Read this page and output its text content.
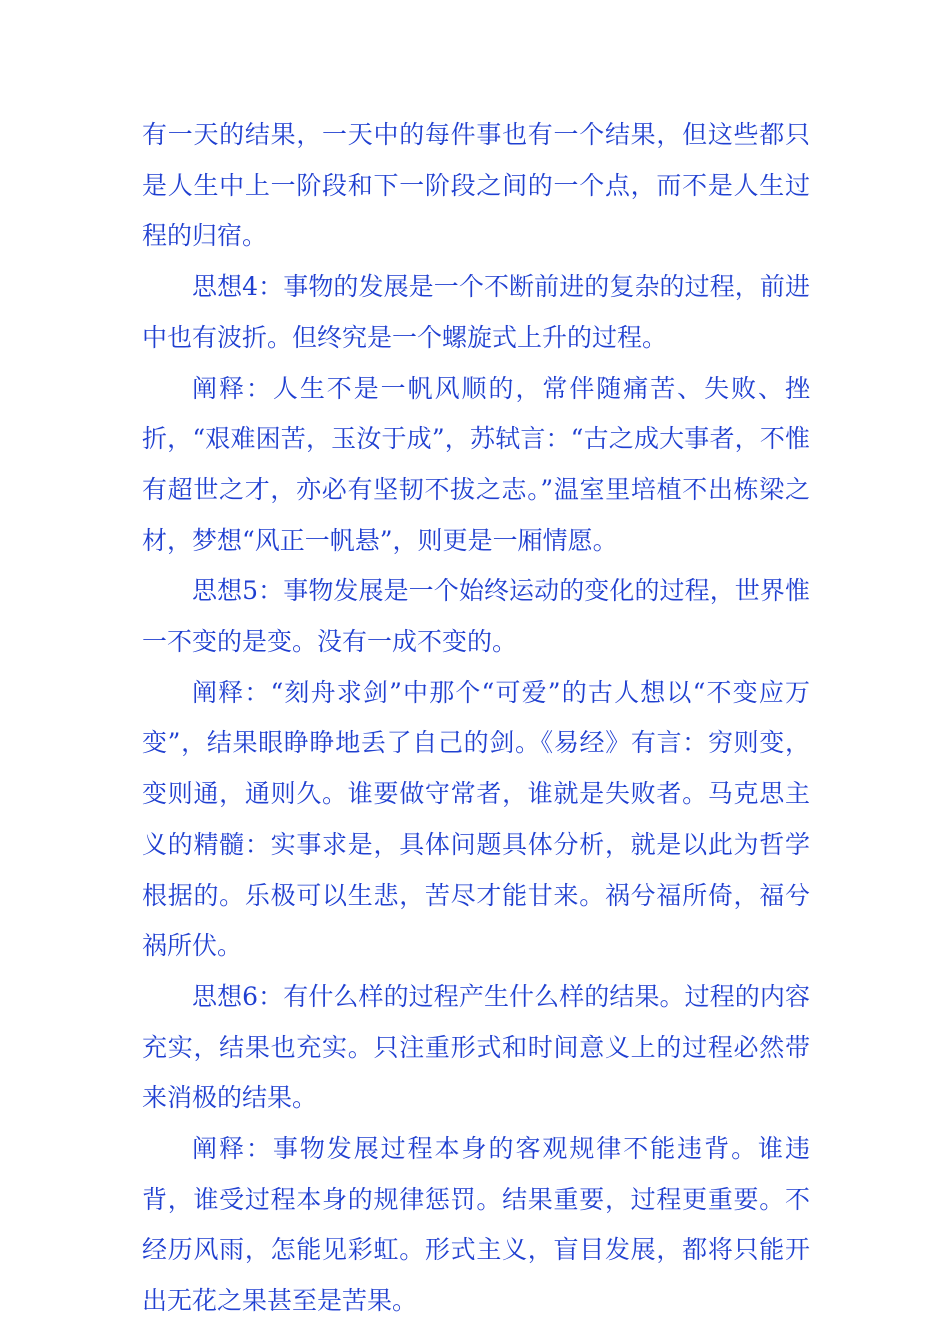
有一天的结果，一天中的每件事也有一个结果，但这些都只是人生中上一阶段和下一阶段之间的一个点，而不是人生过程的归宿。

思想4：事物的发展是一个不断前进的复杂的过程，前进中也有波折。但终究是一个螺旋式上升的过程。

阐释：人生不是一帆风顺的，常伴随痛苦、失败、挫折，“艰难困苦，玉汝于成”，苏轼言：“古之成大事者，不惟有超世之才，亦必有坚韧不拔之志。”温室里培植不出栋梁之材，梦想“风正一帆悬”，则更是一厢情愿。

思想5：事物发展是一个始终运动的变化的过程，世界惟一不变的是变。没有一成不变的。

阐释：“刻舟求剑”中那个“可爱”的古人想以“不变应万变”，结果眼睁睁地丢了自己的剑。《易经》有言：穷则变，变则通，通则久。谁要做守常者，谁就是失败者。马克思主义的精髓：实事求是，具体问题具体分析，就是以此为哲学根据的。乐极可以生悲，苦尽才能甘来。祸兮福所倚，福兮祸所伏。

思想6：有什么样的过程产生什么样的结果。过程的内容充实，结果也充实。只注重形式和时间意义上的过程必然带来消极的结果。

阐释：事物发展过程本身的客观规律不能违背。谁违背，谁受过程本身的规律惩罚。结果重要，过程更重要。不经历风雨，怎能见彩虹。形式主义，盲目发展，都将只能开出无花之果甚至是苦果。
